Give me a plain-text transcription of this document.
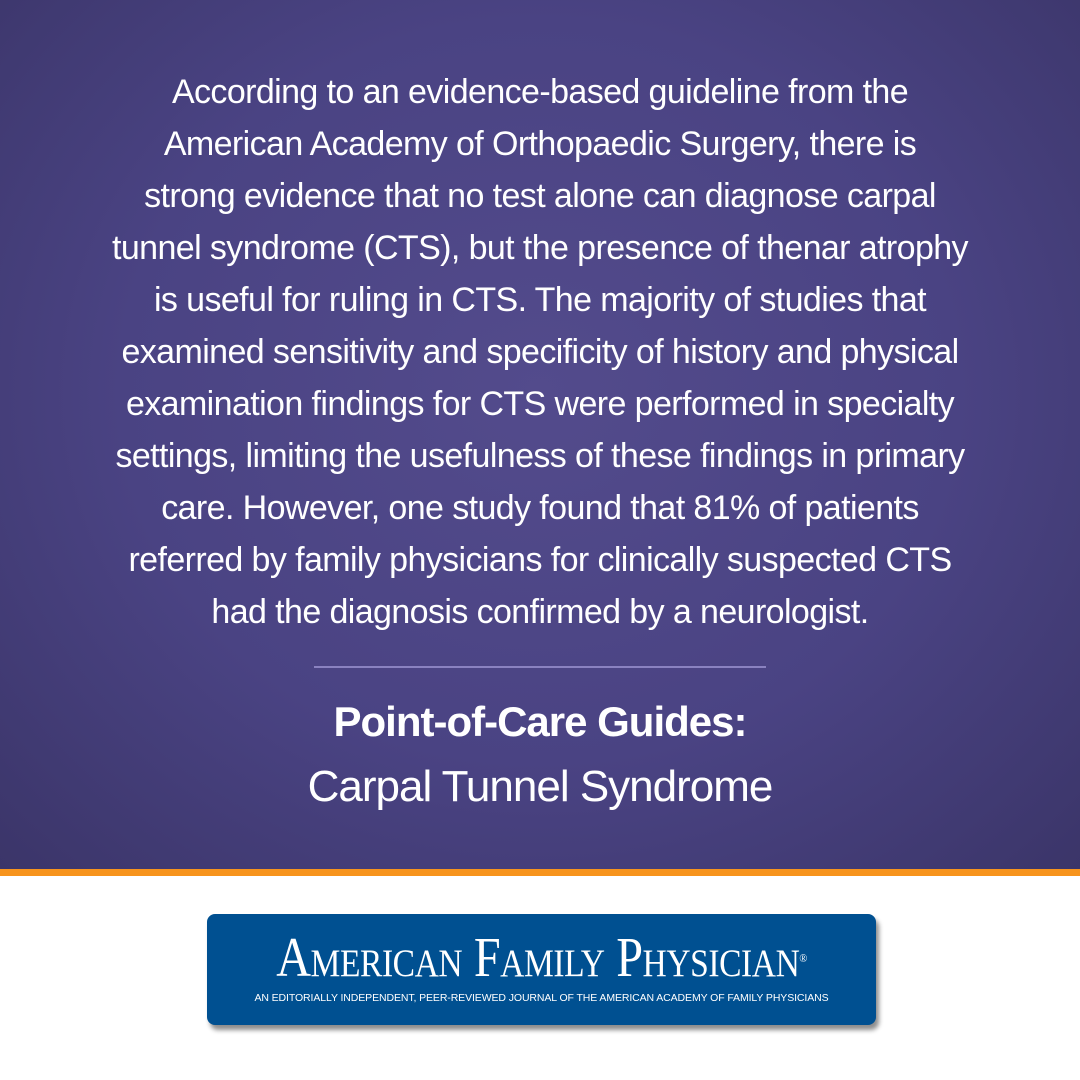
According to an evidence-based guideline from the
American Academy of Orthopaedic Surgery, there is
strong evidence that no test alone can diagnose carpal
tunnel syndrome (CTS), but the presence of thenar atrophy
is useful for ruling in CTS. The majority of studies that
examined sensitivity and specificity of history and physical
examination findings for CTS were performed in specialty
settings, limiting the usefulness of these findings in primary
care. However, one study found that 81% of patients
referred by family physicians for clinically suspected CTS
had the diagnosis confirmed by a neurologist.
Point-of-Care Guides:
Carpal Tunnel Syndrome
American Family Physician®
AN EDITORIALLY INDEPENDENT, PEER-REVIEWED JOURNAL OF THE AMERICAN ACADEMY OF FAMILY PHYSICIANS
